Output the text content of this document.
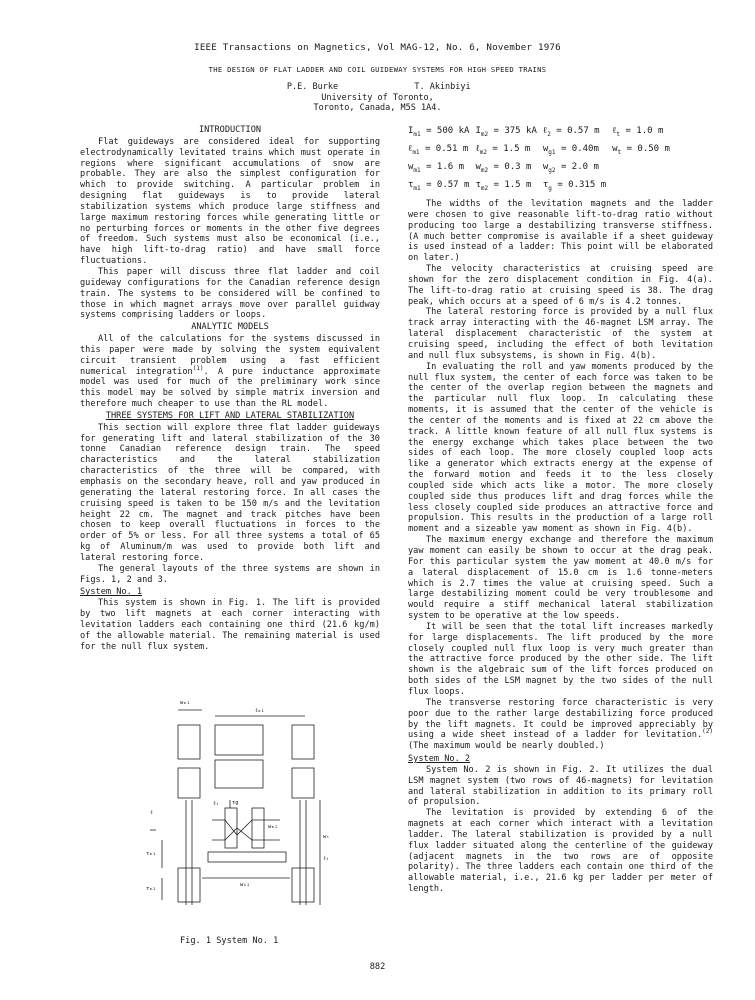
IEEE Transactions on Magnetics, Vol MAG-12, No. 6, November 1976
THE DESIGN OF FLAT LADDER AND COIL GUIDEWAY SYSTEMS FOR HIGH SPEED TRAINS
P.E. Burke	T. Akinbiyi
University of Toronto,
Toronto, Canada, M5S 1A4.
INTRODUCTION

Flat guideways are considered ideal for supporting electrodynamically levitated trains which must operate in regions where significant accumulations of snow are probable. They are also the simplest configuration for which to provide switching. A particular problem in designing flat guideways is to provide lateral stabilization systems which produce large stiffness and large maximum restoring forces while generating little or no perturbing forces or moments in the other five degrees of freedom. Such systems must also be economical (i.e., have high lift-to-drag ratio) and have small force fluctuations.

This paper will discuss three flat ladder and coil guideway configurations for the Canadian reference design train. The systems to be considered will be confined to those in which magnet arrays move over parallel guidway systems comprising ladders or loops.

ANALYTIC MODELS

All of the calculations for the systems discussed in this paper were made by solving the system equivalent circuit transient problem using a fast efficient numerical integration$^{(1)}$. A pure inductance approximate model was used for much of the preliminary work since this model may be solved by simple matrix inversion and therefore much cheaper to use than the RL model.

THREE SYSTEMS FOR LIFT AND LATERAL STABILIZATION

This section will explore three flat ladder guideways for generating lift and lateral stabilization of the 30 tonne Canadian reference design train. The speed characteristics and the lateral stabilization characteristics of the three will be compared, with emphasis on the secondary heave, roll and yaw produced in generating the lateral restoring force. In all cases the cruising speed is taken to be 150 m/s and the levitation height 22 cm. The magnet and track pitches have been chosen to keep overall fluctuations in forces to the order of 5% or less. For all three systems a total of 65 kg of Aluminum/m was used to provide both lift and lateral restoring force.

The general layouts of the three systems are shown in Figs. 1, 2 and 3.

System No. 1

This system is shown in Fig. 1. The lift is provided by two lift magnets at each corner interacting with levitation ladders each containing one third (21.6 kg/m) of the allowable material. The remaining material is used for the null flux system.

wₘ₁
ℓₘ₁
ℓₜ τg
wₘ₂
τₘ₁
τₘ₂
wₒ₂
wₜ
ℓₜ
ℓ
Fig. 1 System No. 1
$I_{m1} = 500$ kA	$I_{m2} = 375$ kA	ℓ$_2$ = 0.57 m	ℓ$_t$ = 1.0 m
ℓ$_{m1}$ = 0.51 m	ℓ$_{m2}$ = 1.5 m	$w_{g1} = 0.40m$	$w_t = 0.50$ m
$w_{m1} = 1.6$ m	$w_{m2} = 0.3$ m	$w_{g2} = 2.0$ m	
$\tau_{m1} = 0.57$ m	$\tau_{m2} = 1.5$ m	$\tau_g = 0.315$ m	

The widths of the levitation magnets and the ladder were chosen to give reasonable lift-to-drag ratio without producing too large a destabilizing transverse stiffness. (A much better compromise is available if a sheet guideway is used instead of a ladder: This point will be elaborated on later.)

The velocity characteristics at cruising speed are shown for the zero displacement condition in Fig. 4(a). The lift-to-drag ratio at cruising speed is 38. The drag peak, which occurs at a speed of 6 m/s is 4.2 tonnes.

The lateral restoring force is provided by a null flux track array interacting with the 46-magnet LSM array. The lateral displacement characteristic of the system at cruising speed, including the effect of both levitation and null flux subsystems, is shown in Fig. 4(b).

In evaluating the roll and yaw moments produced by the null flux system, the center of each force was taken to be the center of the overlap region between the magnets and the particular null flux loop. In calculating these moments, it is assumed that the center of the vehicle is the center of the moments and is fixed at 22 cm above the track. A little known feature of all null flux systems is the energy exchange which takes place between the two sides of each loop. The more closely coupled loop acts like a generator which extracts energy at the expense of the forward motion and feeds it to the less closely coupled side which acts like a motor. The more closely coupled side thus produces lift and drag forces while the less closely coupled side produces an attractive force and propulsion. This results in the production of a large roll moment and a sizeable yaw moment as shown in Fig. 4(b).

The maximum energy exchange and therefore the maximum yaw moment can easily be shown to occur at the drag peak. For this particular system the yaw moment at 40.0 m/s for a lateral displacement of 15.0 cm is 1.6 tonne-meters which is 2.7 times the value at cruising speed. Such a large destabilizing moment could be very troublesome and would require a stiff mechanical lateral stabilization system to be operative at the low speeds.

It will be seen that the total lift increases markedly for large displacements. The lift produced by the more closely coupled null flux loop is very much greater than the attractive force produced by the other side. The lift shown is the algebraic sum of the lift forces produced on both sides of the LSM magnet by the two sides of the null flux loops.

The transverse restoring force characteristic is very poor due to the rather large destabilizing force produced by the lift magnets. It could be improved appreciably by using a wide sheet instead of a ladder for levitation.$^{(2)}$ (The maximum would be nearly doubled.)

System No. 2

System No. 2 is shown in Fig. 2. It utilizes the dual LSM magnet system (two rows of 46-magnets) for levitation and lateral stabilization in addition to its primary roll of propulsion.

The levitation is provided by extending 6 of the magnets at each corner which interact with a levitation ladder. The lateral stabilization is provided by a null flux ladder situated along the centerline of the guideway (adjacent magnets in the two rows are of opposite polarity). The three ladders each contain one third of the allowable material, i.e., 21.6 kg per ladder per meter of length.

882
